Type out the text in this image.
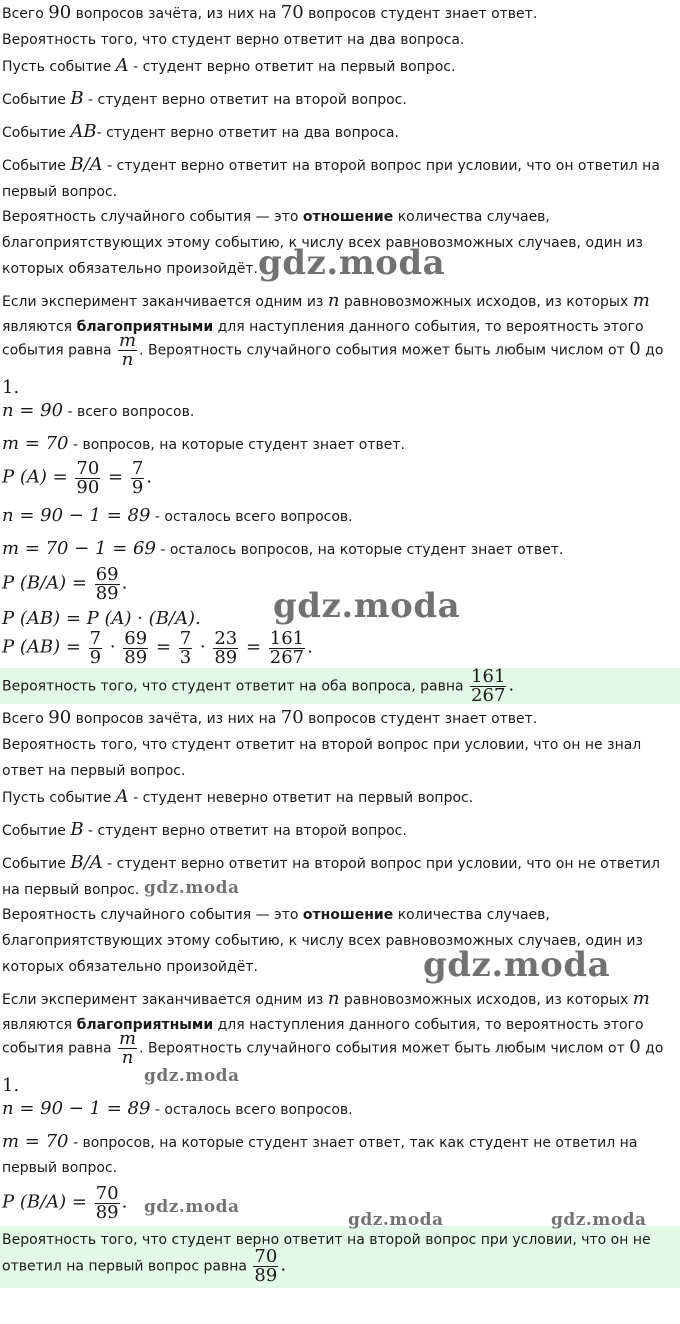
Всего 90 вопросов зачёта, из них на 70 вопросов студент знает ответ.
Вероятность того, что студент верно ответит на два вопроса.
Пусть событие A - студент верно ответит на первый вопрос.
Событие B - студент верно ответит на второй вопрос.
Событие AB- студент верно ответит на два вопроса.
Событие B/A - студент верно ответит на второй вопрос при условии, что он ответил на
первый вопрос.
Вероятность случайного события — это отношение количества случаев,
благоприятствующих этому событию, к числу всех равновозможных случаев, один из
которых обязательно произойдёт.
Если эксперимент заканчивается одним из n равновозможных исходов, из которых m
являются благоприятными для наступления данного события, то вероятность этого
события равна $\frac{m}{n}$ . Вероятность случайного события может быть любым числом от 0 до
1.
n = 90 - всего вопросов.
m = 70 - вопросов, на которые студент знает ответ.
P $(A) = \frac{70}{90} = \frac{7}{9}$ .
n = 90 − 1 = 89 - осталось всего вопросов.
m = 70 − 1 = 69 - осталось вопросов, на которые студент знает ответ.
P $(B/A) = \frac{69}{89}$ .
P (AB) = P (A) · (B/A).
P $(AB) = \frac{7}{9} \cdot \frac{69}{89} = \frac{7}{3} \cdot \frac{23}{89} = \frac{161}{267}$ .
Вероятность того, что студент ответит на оба вопроса, равна $\frac{161}{267}$ .
Всего 90 вопросов зачёта, из них на 70 вопросов студент знает ответ.
Вероятность того, что студент ответит на второй вопрос при условии, что он не знал
ответ на первый вопрос.
Пусть событие A - студент неверно ответит на первый вопрос.
Событие B - студент верно ответит на второй вопрос.
Событие B/A - студент верно ответит на второй вопрос при условии, что он не ответил
на первый вопрос.
Вероятность случайного события — это отношение количества случаев,
благоприятствующих этому событию, к числу всех равновозможных случаев, один из
которых обязательно произойдёт.
Если эксперимент заканчивается одним из n равновозможных исходов, из которых m
являются благоприятными для наступления данного события, то вероятность этого
события равна $\frac{m}{n}$ . Вероятность случайного события может быть любым числом от 0 до
1.
n = 90 − 1 = 89 - осталось всего вопросов.
m = 70 - вопросов, на которые студент знает ответ, так как студент не ответил на
первый вопрос.
P $(B/A) = \frac{70}{89}$ .
Вероятность того, что студент верно ответит на второй вопрос при условии, что он не
ответил на первый вопрос равна $\frac{70}{89}$ .
gdz.moda
gdz.moda
gdz.moda
gdz.moda
gdz.moda
gdz.moda
gdz.moda	gdz.moda
